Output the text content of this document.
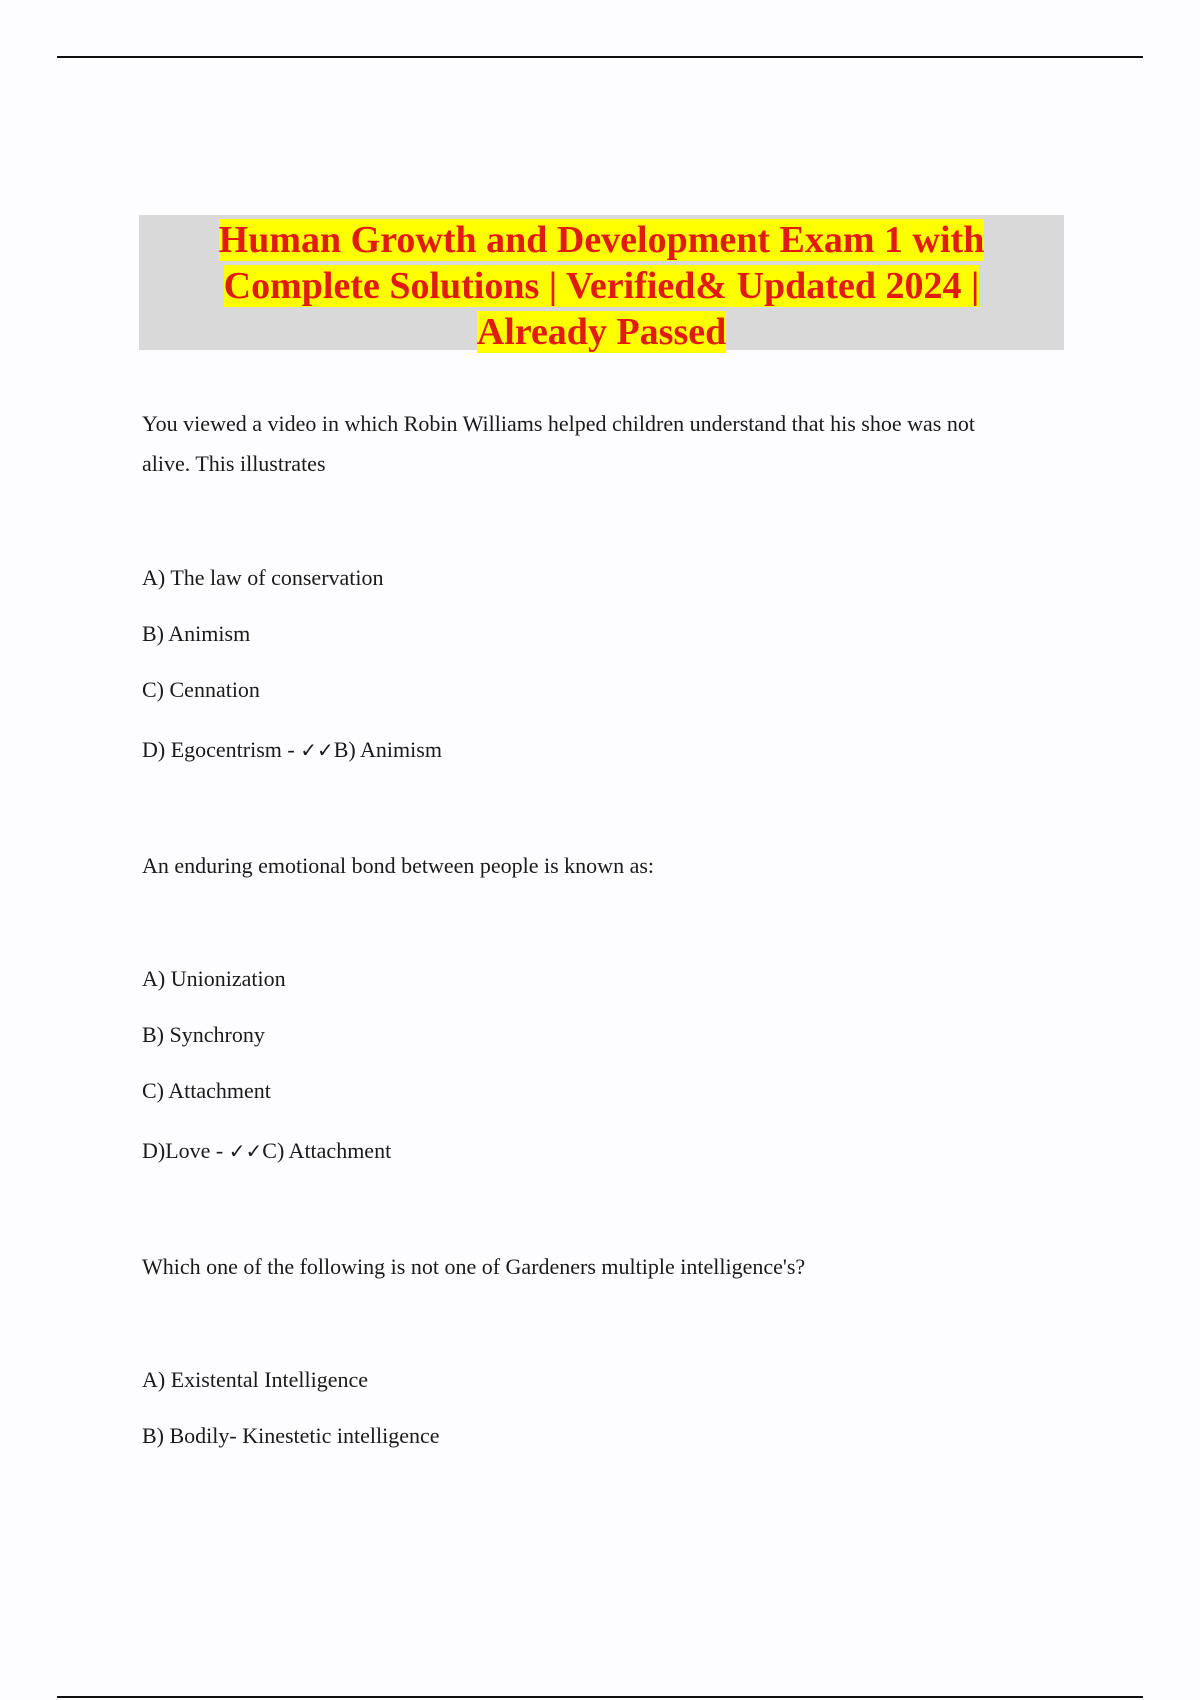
Human Growth and Development Exam 1 with
Complete Solutions | Verified& Updated 2024 |
Already Passed
You viewed a video in which Robin Williams helped children understand that his shoe was not
alive. This illustrates
A) The law of conservation
B) Animism
C) Cennation
D) Egocentrism - ✓✓B) Animism
An enduring emotional bond between people is known as:
A) Unionization
B) Synchrony
C) Attachment
D)Love - ✓✓C) Attachment
Which one of the following is not one of Gardeners multiple intelligence's?
A) Existental Intelligence
B) Bodily- Kinestetic intelligence
